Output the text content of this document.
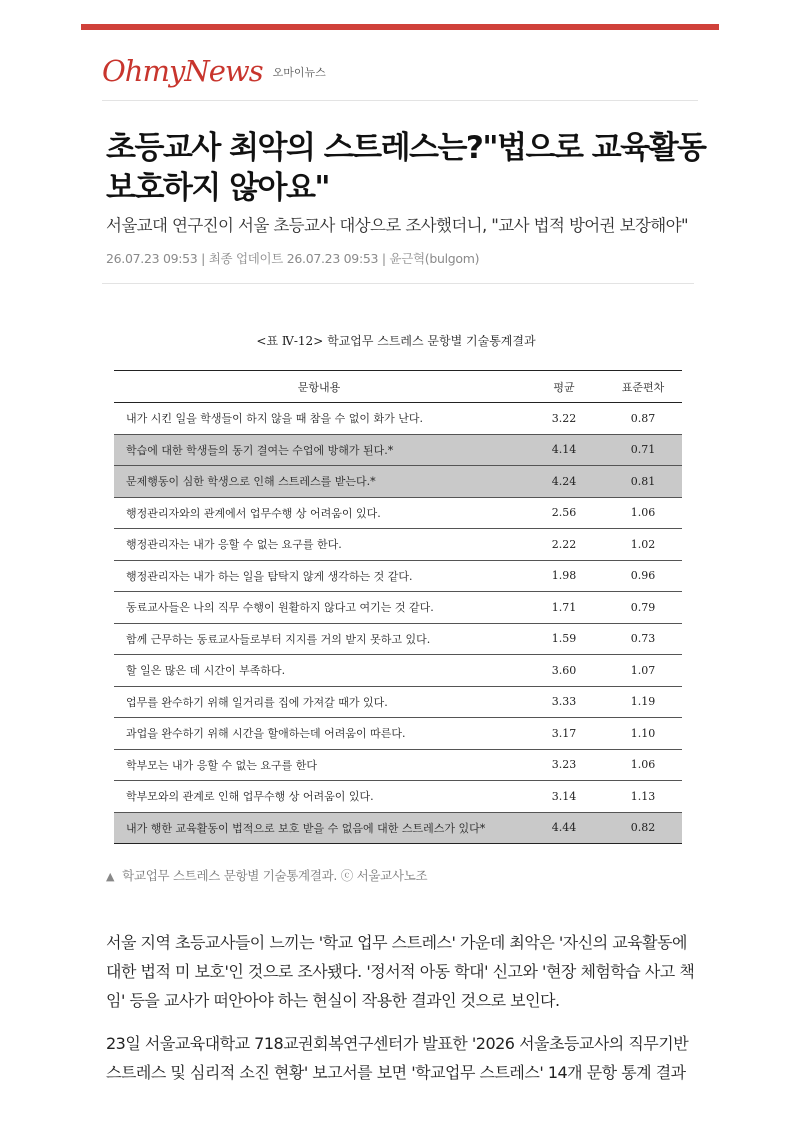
OhmyNews 오마이뉴스
초등교사 최악의 스트레스는?"법으로 교육활동
보호하지 않아요"
서울교대 연구진이 서울 초등교사 대상으로 조사했더니, "교사 법적 방어권 보장해야"
26.07.23 09:53 | 최종 업데이트 26.07.23 09:53 | 윤근혁(bulgom)
<표 Ⅳ-12> 학교업무 스트레스 문항별 기술통계결과
문항내용	평균	표준편차
내가 시킨 일을 학생들이 하지 않을 때 참을 수 없이 화가 난다.	3.22	0.87
학습에 대한 학생들의 동기 결여는 수업에 방해가 된다.*	4.14	0.71
문제행동이 심한 학생으로 인해 스트레스를 받는다.*	4.24	0.81
행정관리자와의 관계에서 업무수행 상 어려움이 있다.	2.56	1.06
행정관리자는 내가 응할 수 없는 요구를 한다.	2.22	1.02
행정관리자는 내가 하는 일을 탐탁지 않게 생각하는 것 같다.	1.98	0.96
동료교사들은 나의 직무 수행이 원활하지 않다고 여기는 것 같다.	1.71	0.79
함께 근무하는 동료교사들로부터 지지를 거의 받지 못하고 있다.	1.59	0.73
할 일은 많은 데 시간이 부족하다.	3.60	1.07
업무를 완수하기 위해 일거리를 집에 가져갈 때가 있다.	3.33	1.19
과업을 완수하기 위해 시간을 할애하는데 어려움이 따른다.	3.17	1.10
학부모는 내가 응할 수 없는 요구를 한다	3.23	1.06
학부모와의 관계로 인해 업무수행 상 어려움이 있다.	3.14	1.13
내가 행한 교육활동이 법적으로 보호 받을 수 없음에 대한 스트레스가 있다*	4.44	0.82
▲ 학교업무 스트레스 문항별 기술통계결과. ⓒ 서울교사노조

서울 지역 초등교사들이 느끼는 '학교 업무 스트레스' 가운데 최악은 '자신의 교육활동에 대한 법적 미 보호'인 것으로 조사됐다. '정서적 아동 학대' 신고와 '현장 체험학습 사고 책임' 등을 교사가 떠안아야 하는 현실이 작용한 결과인 것으로 보인다.

23일 서울교육대학교 718교권회복연구센터가 발표한 '2026 서울초등교사의 직무기반 스트레스 및 심리적 소진 현황' 보고서를 보면 '학교업무 스트레스' 14개 문항 통계 결과
